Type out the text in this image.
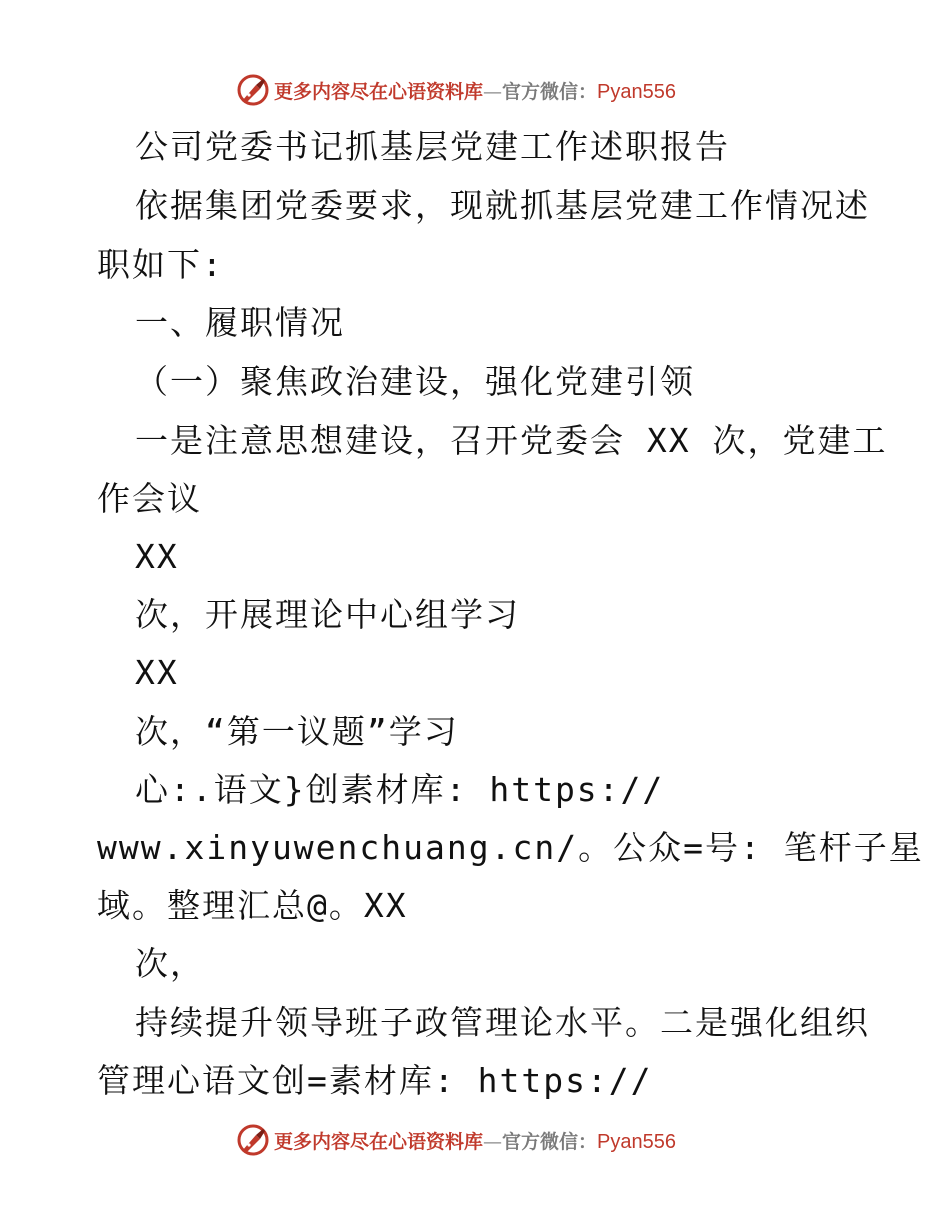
更多内容尽在心语资料库—官方微信：Pyan556
公司党委书记抓基层党建工作述职报告
依据集团党委要求，现就抓基层党建工作情况述
职如下:
一、履职情况
（一）聚焦政治建设，强化党建引领
一是注意思想建设，召开党委会 XX 次，党建工
作会议
XX
次，开展理论中心组学习
XX
次，“第一议题”学习
心:.语文}创素材库: https://
www.xinyuwenchuang.cn/。公众=号: 笔杆子星
域。整理汇总@。XX
次，
持续提升领导班子政管理论水平。二是强化组织
管理心语文创=素材库: https://
更多内容尽在心语资料库—官方微信：Pyan556
